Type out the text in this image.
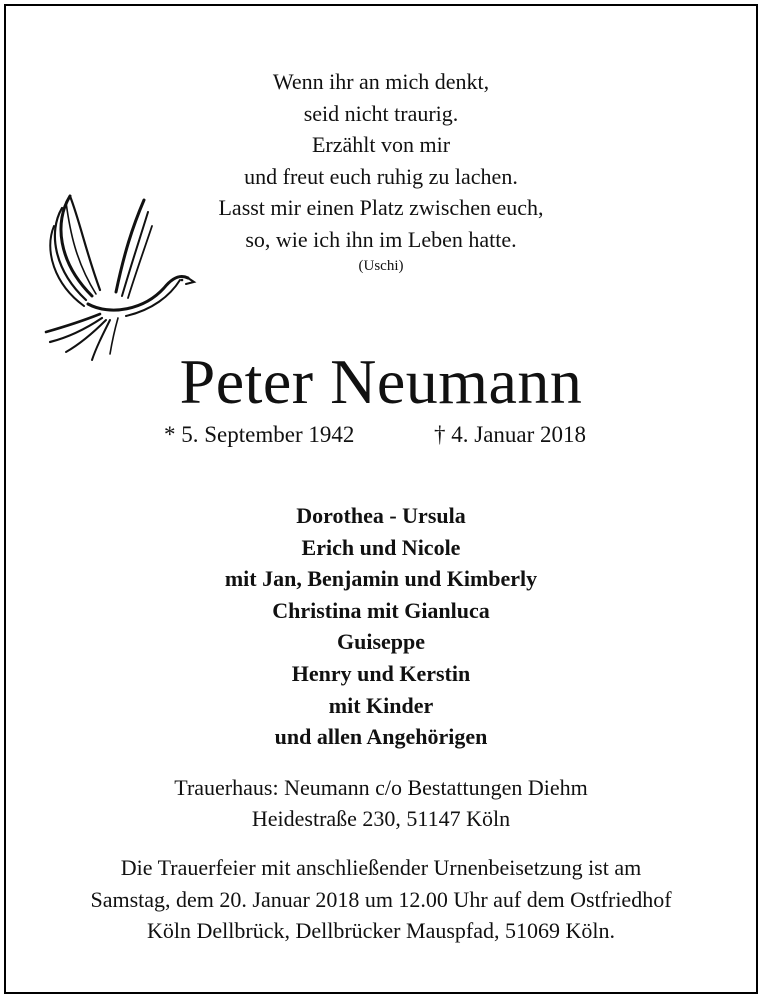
Wenn ihr an mich denkt,
seid nicht traurig.
Erzählt von mir
und freut euch ruhig zu lachen.
Lasst mir einen Platz zwischen euch,
so, wie ich ihn im Leben hatte.
(Uschi)
Peter Neumann
* 5. September 1942	† 4. Januar 2018
Dorothea - Ursula
Erich und Nicole
mit Jan, Benjamin und Kimberly
Christina mit Gianluca
Guiseppe
Henry und Kerstin
mit Kinder
und allen Angehörigen
Trauerhaus: Neumann c/o Bestattungen Diehm
Heidestraße 230, 51147 Köln
Die Trauerfeier mit anschließender Urnenbeisetzung ist am
Samstag, dem 20. Januar 2018 um 12.00 Uhr auf dem Ostfriedhof
Köln Dellbrück, Dellbrücker Mauspfad, 51069 Köln.
